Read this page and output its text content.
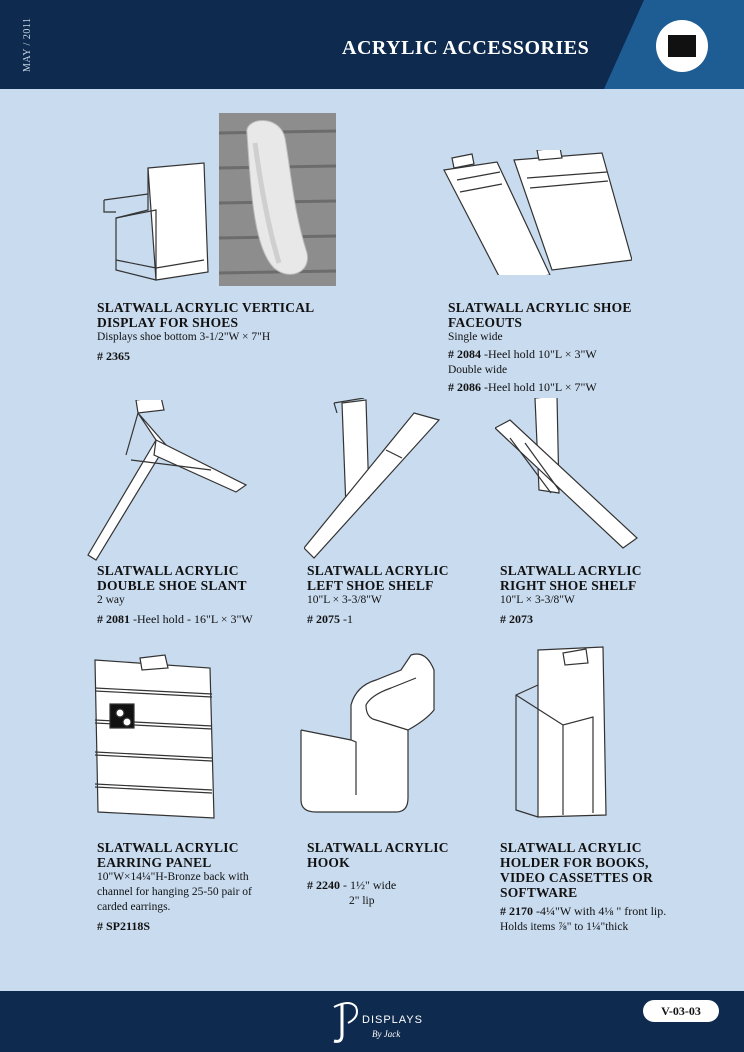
MAY / 2011	ACRYLIC ACCESSORIES
SLATWALL ACRYLIC VERTICAL
DISPLAY FOR SHOES
Displays shoe bottom 3-1/2"W × 7"H
# 2365
SLATWALL ACRYLIC SHOE
FACEOUTS
Single wide
# 2084 -Heel hold 10"L × 3"W
Double wide
# 2086 -Heel hold 10"L × 7"W
SLATWALL ACRYLIC
DOUBLE SHOE SLANT
2 way
# 2081 -Heel hold - 16"L × 3"W
SLATWALL ACRYLIC
LEFT SHOE SHELF
10"L × 3-3/8"W
# 2075 -1
SLATWALL ACRYLIC
RIGHT SHOE SHELF
10"L × 3-3/8"W
# 2073
SLATWALL ACRYLIC
EARRING PANEL
10"W×14¼"H-Bronze back with
channel for hanging 25-50 pair of
carded earrings.
# SP2118S
SLATWALL ACRYLIC
HOOK
# 2240 - 1½" wide
2" lip
SLATWALL ACRYLIC
HOLDER FOR BOOKS,
VIDEO CASSETTES OR
SOFTWARE
# 2170 -4¼"W with 4⅛ " front lip.
Holds items ⅞" to 1¼"thick
DISPLAYS
By Jack
V-03-03
